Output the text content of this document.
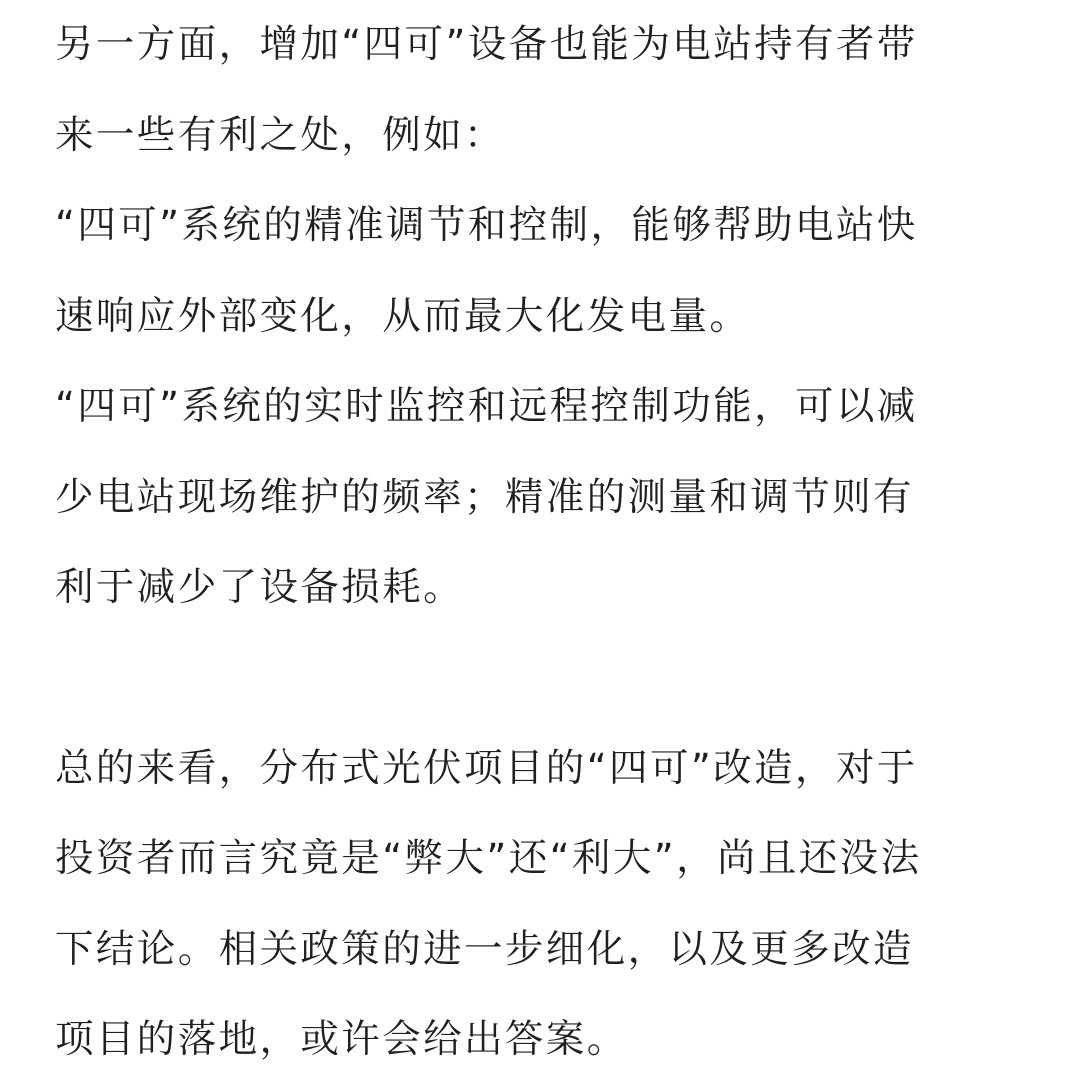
另一方面，增加“四可”设备也能为电站持有者带
来一些有利之处，例如：
“四可”系统的精准调节和控制，能够帮助电站快
速响应外部变化，从而最大化发电量。
“四可”系统的实时监控和远程控制功能，可以减
少电站现场维护的频率；精准的测量和调节则有
利于减少了设备损耗。
总的来看，分布式光伏项目的“四可”改造，对于
投资者而言究竟是“弊大”还“利大”，尚且还没法
下结论。相关政策的进一步细化，以及更多改造
项目的落地，或许会给出答案。
